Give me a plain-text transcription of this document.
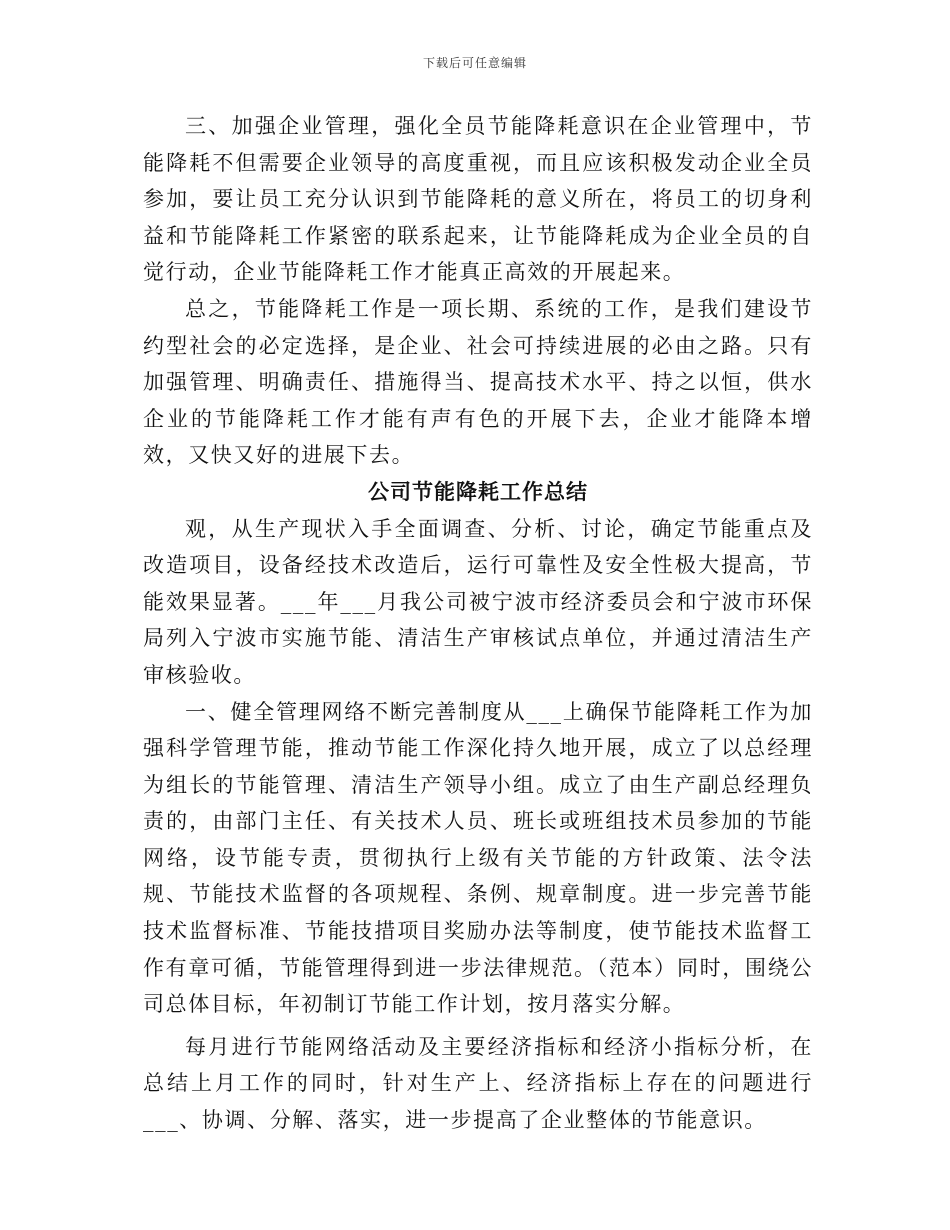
下载后可任意编辑

三、加强企业管理，强化全员节能降耗意识在企业管理中，节能降耗不但需要企业领导的高度重视，而且应该积极发动企业全员参加，要让员工充分认识到节能降耗的意义所在，将员工的切身利益和节能降耗工作紧密的联系起来，让节能降耗成为企业全员的自觉行动，企业节能降耗工作才能真正高效的开展起来。

总之，节能降耗工作是一项长期、系统的工作，是我们建设节约型社会的必定选择，是企业、社会可持续进展的必由之路。只有加强管理、明确责任、措施得当、提高技术水平、持之以恒，供水企业的节能降耗工作才能有声有色的开展下去，企业才能降本增效，又快又好的进展下去。

公司节能降耗工作总结

观，从生产现状入手全面调查、分析、讨论，确定节能重点及改造项目，设备经技术改造后，运行可靠性及安全性极大提高，节能效果显著。___年___月我公司被宁波市经济委员会和宁波市环保局列入宁波市实施节能、清洁生产审核试点单位，并通过清洁生产审核验收。

一、健全管理网络不断完善制度从___上确保节能降耗工作为加强科学管理节能，推动节能工作深化持久地开展，成立了以总经理为组长的节能管理、清洁生产领导小组。成立了由生产副总经理负责的，由部门主任、有关技术人员、班长或班组技术员参加的节能网络，设节能专责，贯彻执行上级有关节能的方针政策、法令法规、节能技术监督的各项规程、条例、规章制度。进一步完善节能技术监督标准、节能技措项目奖励办法等制度，使节能技术监督工作有章可循，节能管理得到进一步法律规范。（范本）同时，围绕公司总体目标，年初制订节能工作计划，按月落实分解。

每月进行节能网络活动及主要经济指标和经济小指标分析，在总结上月工作的同时，针对生产上、经济指标上存在的问题进行___、协调、分解、落实，进一步提高了企业整体的节能意识。
